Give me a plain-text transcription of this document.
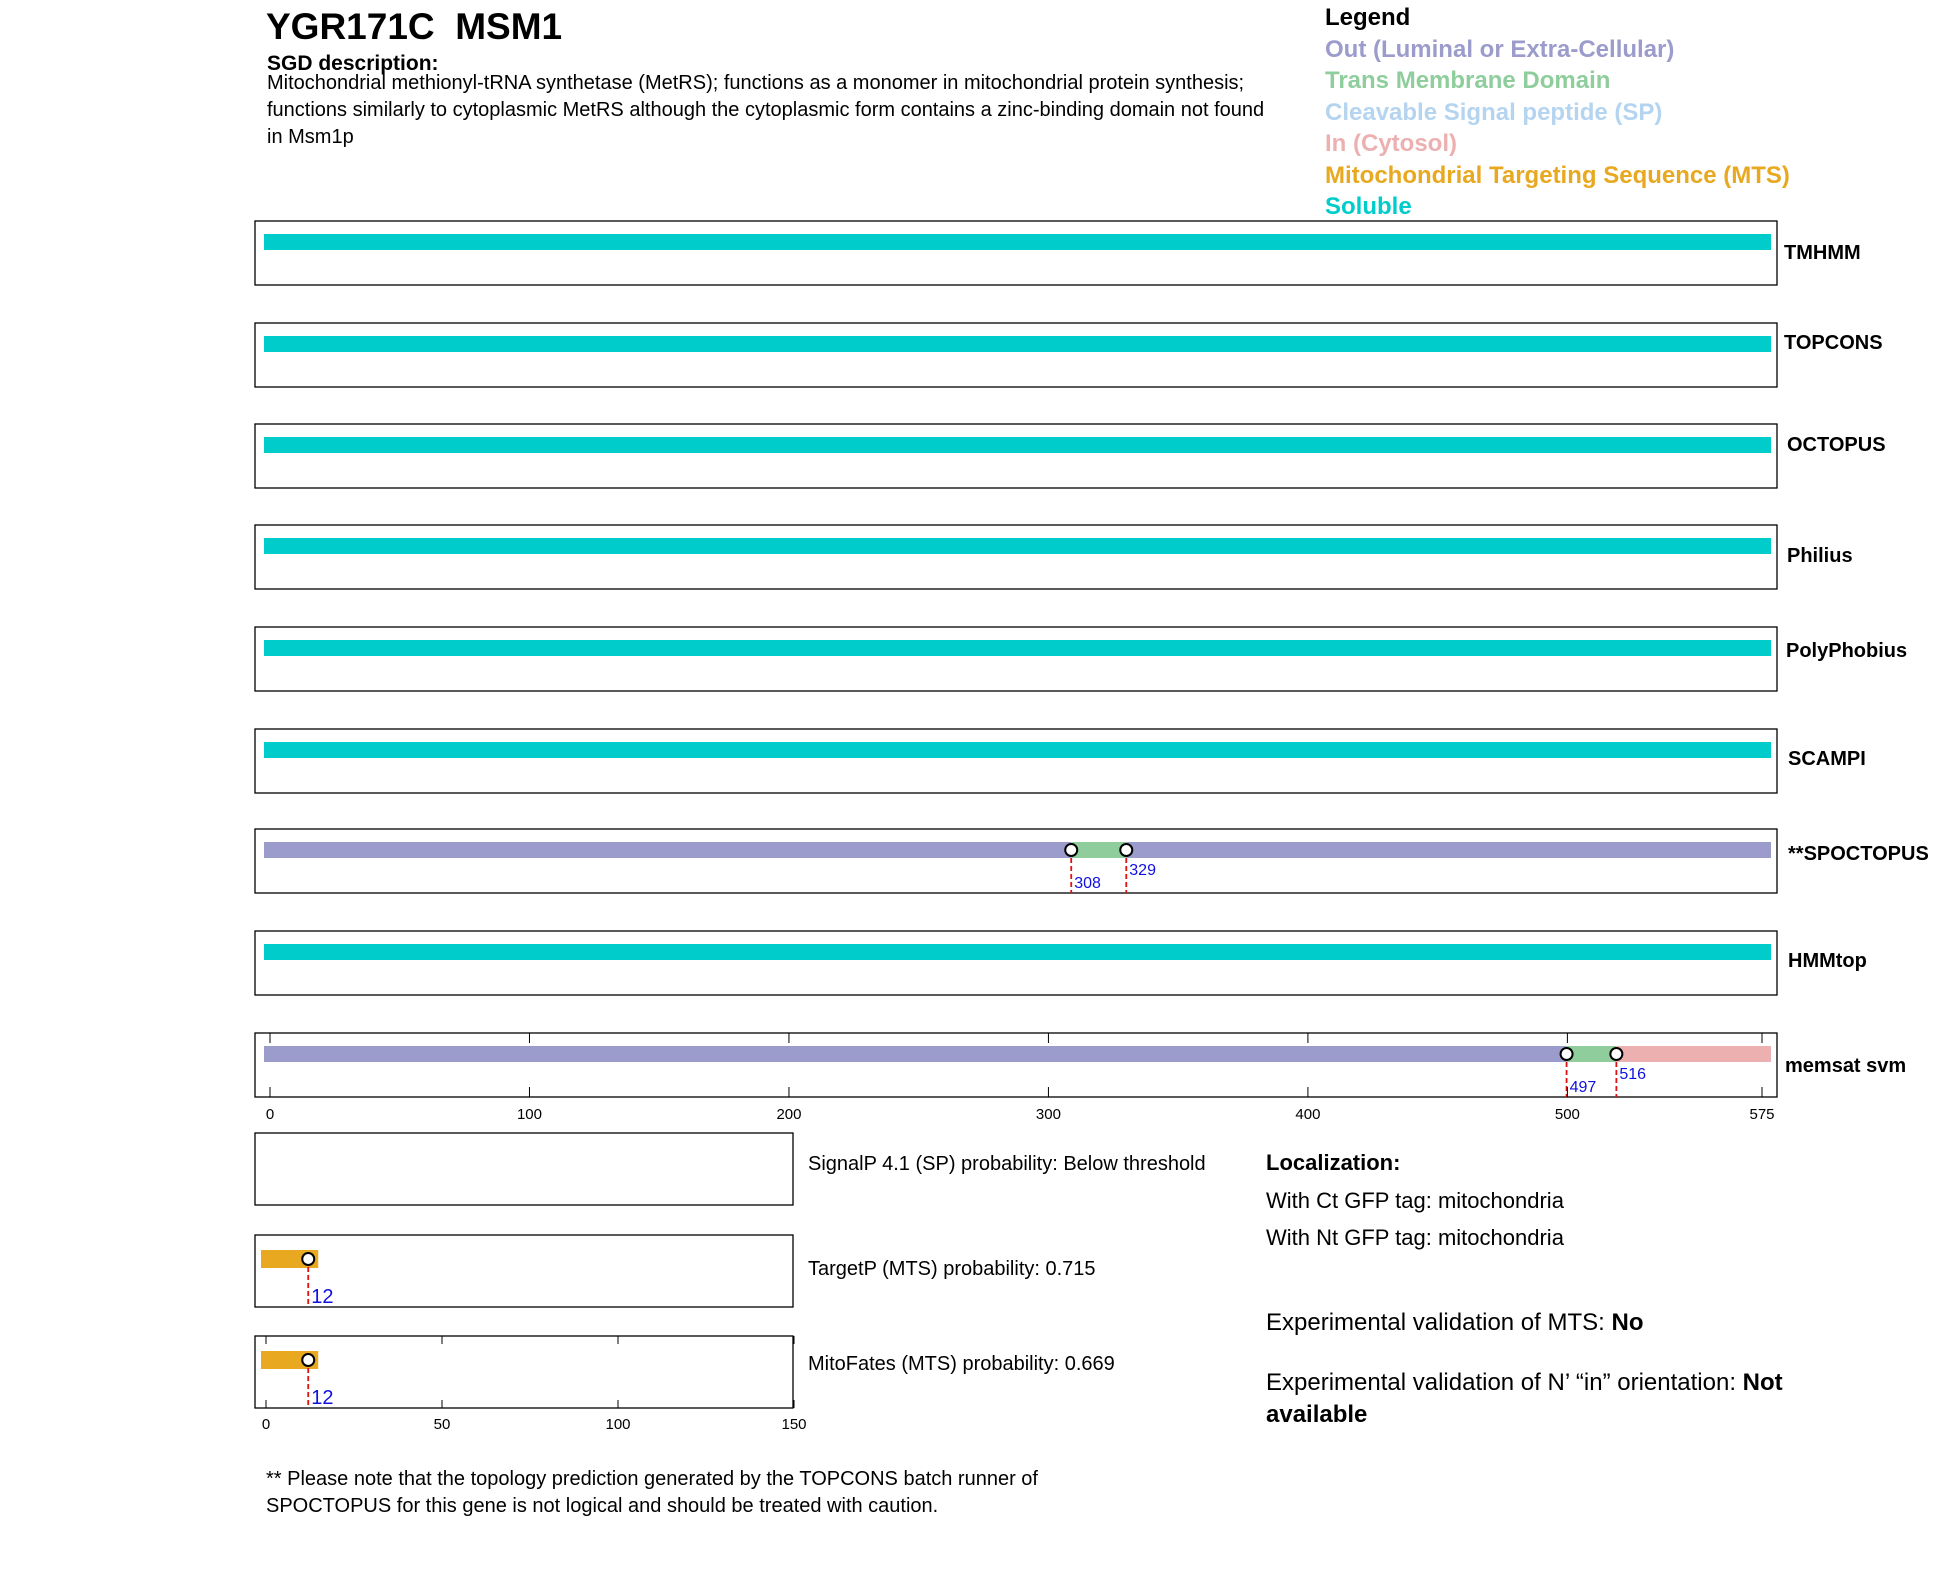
YGR171C  MSM1
SGD description:
Mitochondrial methionyl-tRNA synthetase (MetRS); functions as a monomer in mitochondrial protein synthesis; functions similarly to cytoplasmic MetRS although the cytoplasmic form contains a zinc-binding domain not found in Msm1p
Legend
Out (Luminal or Extra-Cellular)
Trans Membrane Domain
Cleavable Signal peptide (SP)
In (Cytosol)
Mitochondrial Targeting Sequence (MTS)
Soluble
308
329
497
516
0	100	200	300	400	500	575
12
12
0	50	100	150
TMHMM
TOPCONS
OCTOPUS
Philius
PolyPhobius
SCAMPI
**SPOCTOPUS
HMMtop
memsat svm
SignalP 4.1 (SP) probability: Below threshold
TargetP (MTS) probability: 0.715
MitoFates (MTS) probability: 0.669
Localization:
With Ct GFP tag: mitochondria
With Nt GFP tag: mitochondria
Experimental validation of MTS: No
Experimental validation of N’ “in” orientation: Not available
** Please note that the topology prediction generated by the TOPCONS batch runner of SPOCTOPUS for this gene is not logical and should be treated with caution.
